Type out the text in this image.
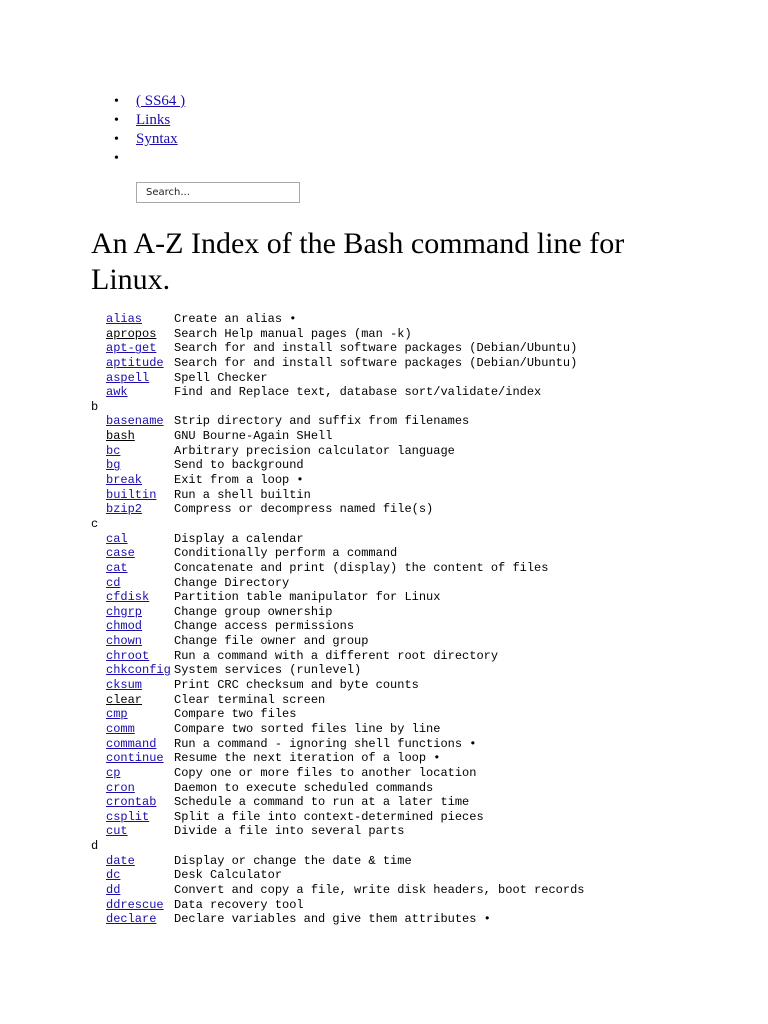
• ( SS64 )
• Links
• Syntax
•
Search...
An A-Z Index of the Bash command line for Linux.
alias	Create an alias •
apropos	Search Help manual pages (man -k)
apt-get	Search for and install software packages (Debian/Ubuntu)
aptitude Search for and install software packages (Debian/Ubuntu)
aspell	Spell Checker
awk	Find and Replace text, database sort/validate/index
b
basename Strip directory and suffix from filenames
bash	GNU Bourne-Again SHell
bc	Arbitrary precision calculator language
bg	Send to background
break	Exit from a loop •
builtin	Run a shell builtin
bzip2	Compress or decompress named file(s)
c
cal	Display a calendar
case	Conditionally perform a command
cat	Concatenate and print (display) the content of files
cd	Change Directory
cfdisk	Partition table manipulator for Linux
chgrp	Change group ownership
chmod	Change access permissions
chown	Change file owner and group
chroot	Run a command with a different root directory
chkconfig System services (runlevel)
cksum	Print CRC checksum and byte counts
clear	Clear terminal screen
cmp	Compare two files
comm	Compare two sorted files line by line
command	Run a command - ignoring shell functions •
continue Resume the next iteration of a loop •
cp	Copy one or more files to another location
cron	Daemon to execute scheduled commands
crontab	Schedule a command to run at a later time
csplit	Split a file into context-determined pieces
cut	Divide a file into several parts
d
date	Display or change the date & time
dc	Desk Calculator
dd	Convert and copy a file, write disk headers, boot records
ddrescue Data recovery tool
declare	Declare variables and give them attributes •
